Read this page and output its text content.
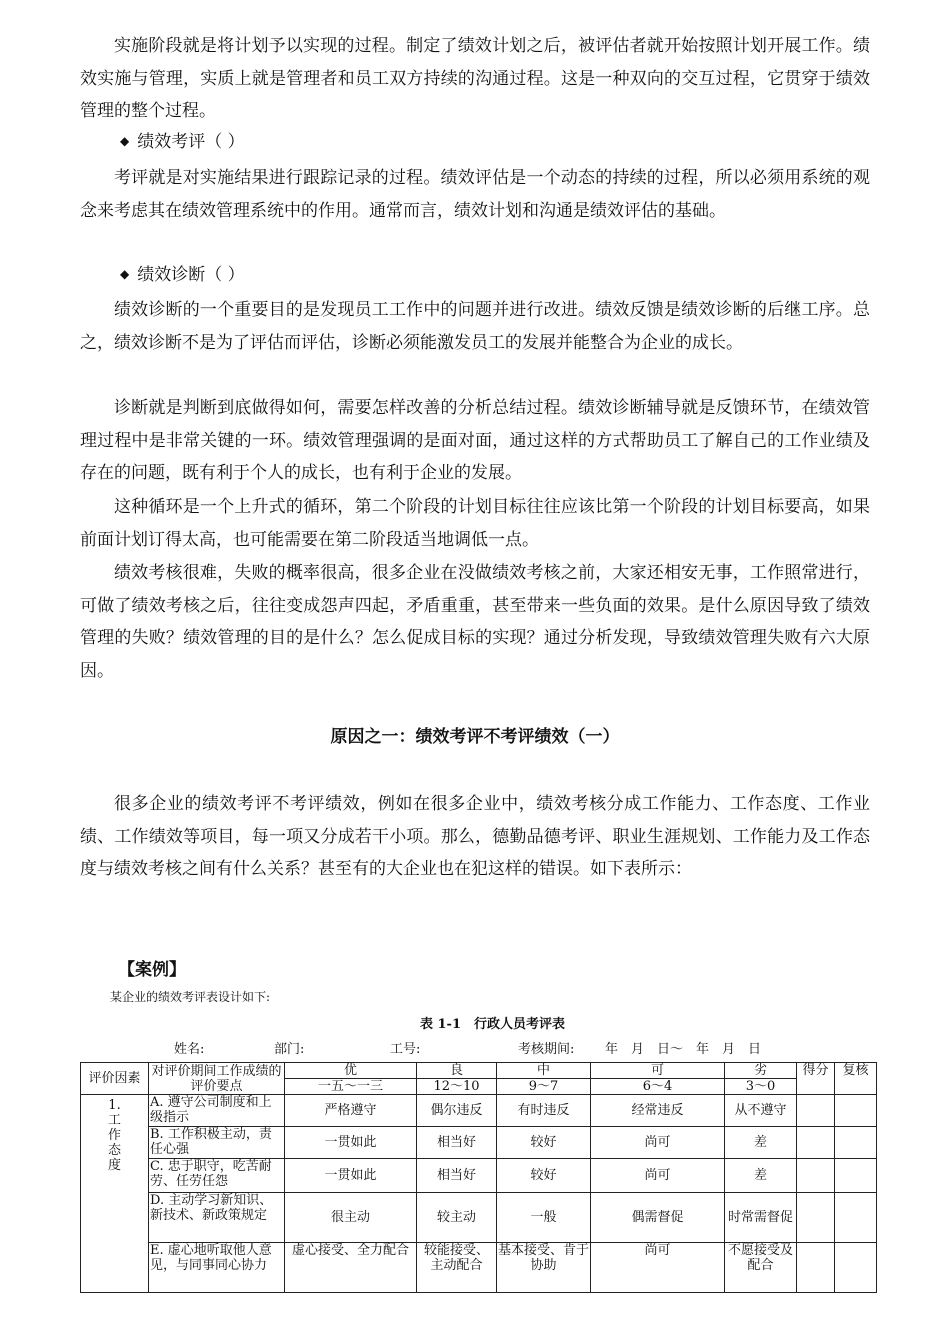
实施阶段就是将计划予以实现的过程。制定了绩效计划之后，被评估者就开始按照计划开展工作。绩效实施与管理，实质上就是管理者和员工双方持续的沟通过程。这是一种双向的交互过程，它贯穿于绩效管理的整个过程。

◆ 绩效考评（ ）

考评就是对实施结果进行跟踪记录的过程。绩效评估是一个动态的持续的过程，所以必须用系统的观念来考虑其在绩效管理系统中的作用。通常而言，绩效计划和沟通是绩效评估的基础。

◆ 绩效诊断（ ）

绩效诊断的一个重要目的是发现员工工作中的问题并进行改进。绩效反馈是绩效诊断的后继工序。总之，绩效诊断不是为了评估而评估，诊断必须能激发员工的发展并能整合为企业的成长。

诊断就是判断到底做得如何，需要怎样改善的分析总结过程。绩效诊断辅导就是反馈环节，在绩效管理过程中是非常关键的一环。绩效管理强调的是面对面，通过这样的方式帮助员工了解自己的工作业绩及存在的问题，既有利于个人的成长，也有利于企业的发展。

这种循环是一个上升式的循环，第二个阶段的计划目标往往应该比第一个阶段的计划目标要高，如果前面计划订得太高，也可能需要在第二阶段适当地调低一点。

绩效考核很难，失败的概率很高，很多企业在没做绩效考核之前，大家还相安无事，工作照常进行，可做了绩效考核之后，往往变成怨声四起，矛盾重重，甚至带来一些负面的效果。是什么原因导致了绩效管理的失败？绩效管理的目的是什么？怎么促成目标的实现？通过分析发现，导致绩效管理失败有六大原因。

原因之一：绩效考评不考评绩效（一）

很多企业的绩效考评不考评绩效，例如在很多企业中，绩效考核分成工作能力、工作态度、工作业绩、工作绩效等项目，每一项又分成若干小项。那么，德勤品德考评、职业生涯规划、工作能力及工作态度与绩效考核之间有什么关系？甚至有的大企业也在犯这样的错误。如下表所示：

【案例】
某企业的绩效考评表设计如下:
表 1-1　行政人员考评表
姓名:	部门:	工号:	考核期间: 年　月　日～　年　月　日
评价因素	对评价期间工作成绩的评价要点	优	良	中	可	劣	得分	复核
		一五～一三	12～10	9～7	6～4	3～0		
1.
工
作
态
度	A. 遵守公司制度和上级指示	严格遵守	偶尔违反	有时违反	经常违反	从不遵守		
	B. 工作积极主动，责任心强	一贯如此	相当好	较好	尚可	差		
	C. 忠于职守，吃苦耐劳、任劳任怨	一贯如此	相当好	较好	尚可	差		
	D. 主动学习新知识、新技术、新政策规定	很主动	较主动	一般	偶需督促	时常需督促		
	E. 虚心地听取他人意见，与同事同心协力	虚心接受、全力配合	较能接受、主动配合	基本接受、肯于协助	尚可	不愿接受及配合		
